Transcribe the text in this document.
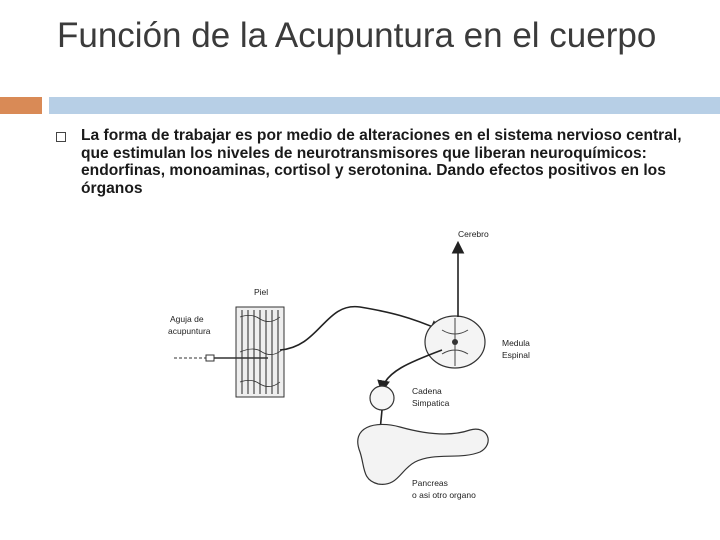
Función de la Acupuntura en el cuerpo
La forma de trabajar es por medio de alteraciones en el sistema nervioso central, que estimulan los niveles de neurotransmisores que liberan neuroquímicos: endorfinas, monoaminas, cortisol y serotonina. Dando efectos positivos en los órganos
Cerebro
Piel
Aguja de
acupuntura
Medula
Espinal
Cadena
Simpatica
Pancreas
o asi otro organo
